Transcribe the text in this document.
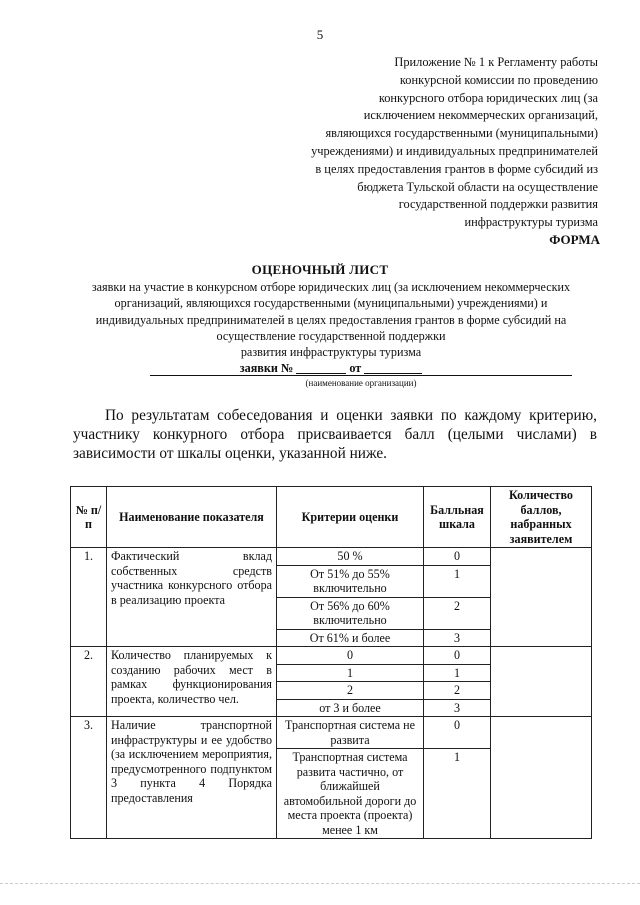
5
Приложение № 1 к Регламенту работы
конкурсной комиссии по проведению
конкурсного отбора юридических лиц (за
исключением некоммерческих организаций,
являющихся государственными (муниципальными)
учреждениями) и индивидуальных предпринимателей
в целях предоставления грантов в форме субсидий из
бюджета Тульской области на осуществление
государственной поддержки развития
инфраструктуры туризма
ФОРМА
ОЦЕНОЧНЫЙ ЛИСТ
заявки на участие в конкурсном отборе юридических лиц (за исключением некоммерческих
организаций, являющихся государственными (муниципальными) учреждениями) и
индивидуальных предпринимателей в целях предоставления грантов в форме субсидий на
осуществление государственной поддержки
развития инфраструктуры туризма
заявки №	от
(наименование организации)
По результатам собеседования и оценки заявки по каждому критерию, участнику конкурного отбора присваивается балл (целыми числами) в зависимости от шкалы оценки, указанной ниже.
№ п/п	Наименование показателя	Критерии оценки	Балльная шкала	Количество баллов, набранных заявителем
1.	Фактический вклад собственных средств участника конкурсного отбора в реализацию проекта	50 %	0	
		От 51% до 55% включительно	1	
		От 56% до 60% включительно	2	
		От 61% и более	3	
2.	Количество планируемых к созданию рабочих мест в рамках функционирования проекта, количество чел.	0	0	
		1	1	
		2	2	
		от 3 и более	3	
3.	Наличие транспортной инфраструктуры и ее удобство (за исключением мероприятия, предусмотренного подпунктом 3 пункта 4 Порядка предоставления	Транспортная система не развита	0	
		Транспортная система развита частично, от ближайшей автомобильной дороги до места проекта (проекта) менее 1 км	1	
